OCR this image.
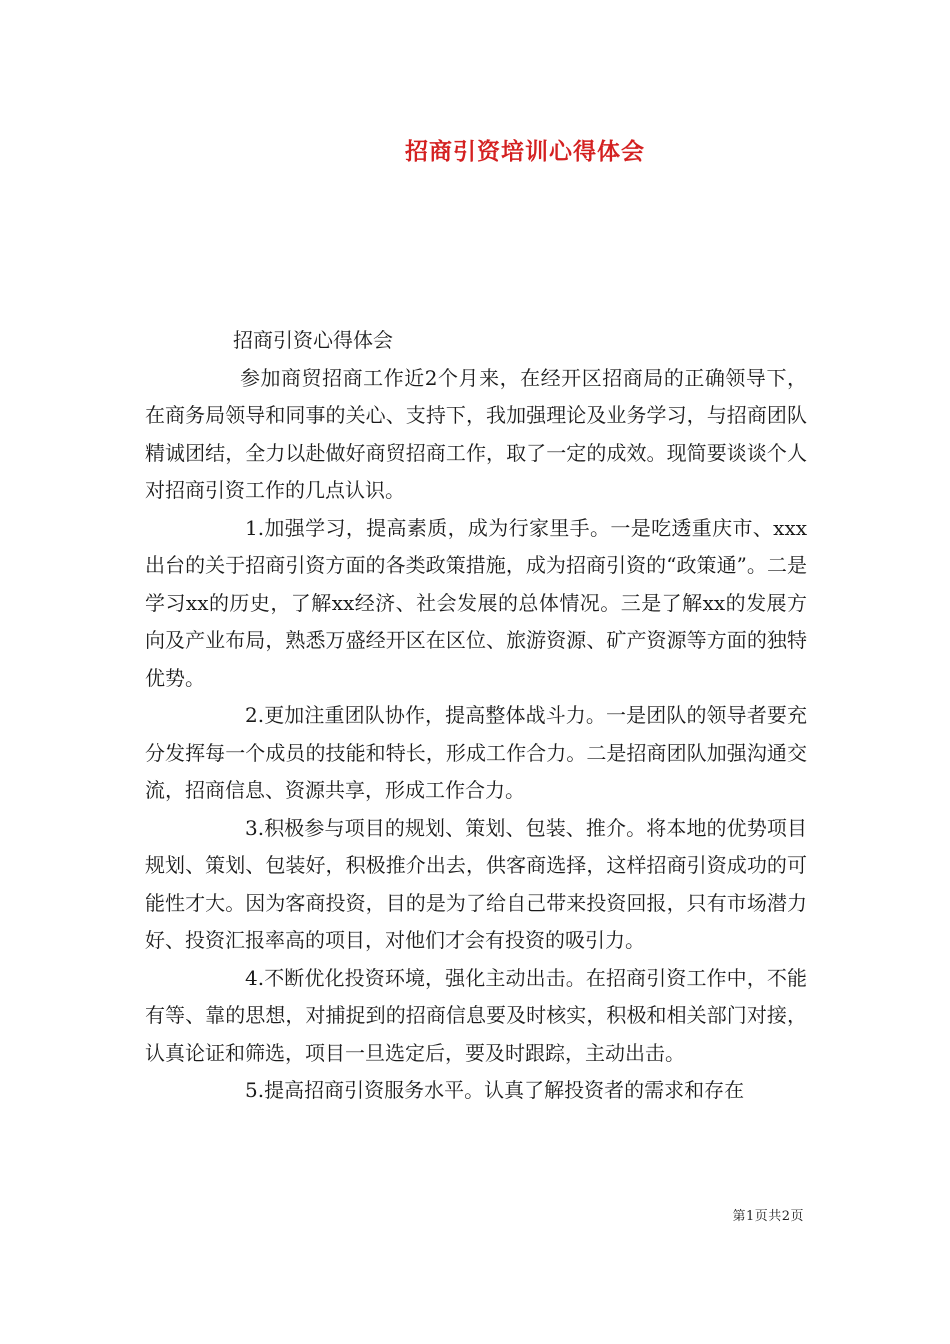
招商引资培训心得体会

招商引资心得体会

参加商贸招商工作近2个月来，在经开区招商局的正确领导下，在商务局领导和同事的关心、支持下，我加强理论及业务学习，与招商团队精诚团结，全力以赴做好商贸招商工作，取了一定的成效。现简要谈谈个人对招商引资工作的几点认识。

1.加强学习，提高素质，成为行家里手。一是吃透重庆市、xxx出台的关于招商引资方面的各类政策措施，成为招商引资的“政策通”。二是学习xx的历史，了解xx经济、社会发展的总体情况。三是了解xx的发展方向及产业布局，熟悉万盛经开区在区位、旅游资源、矿产资源等方面的独特优势。

2.更加注重团队协作，提高整体战斗力。一是团队的领导者要充分发挥每一个成员的技能和特长，形成工作合力。二是招商团队加强沟通交流，招商信息、资源共享，形成工作合力。

3.积极参与项目的规划、策划、包装、推介。将本地的优势项目规划、策划、包装好，积极推介出去，供客商选择，这样招商引资成功的可能性才大。因为客商投资，目的是为了给自己带来投资回报，只有市场潜力好、投资汇报率高的项目，对他们才会有投资的吸引力。

4.不断优化投资环境，强化主动出击。在招商引资工作中，不能有等、靠的思想，对捕捉到的招商信息要及时核实，积极和相关部门对接，认真论证和筛选，项目一旦选定后，要及时跟踪，主动出击。

5.提高招商引资服务水平。认真了解投资者的需求和存在

第1页共2页
